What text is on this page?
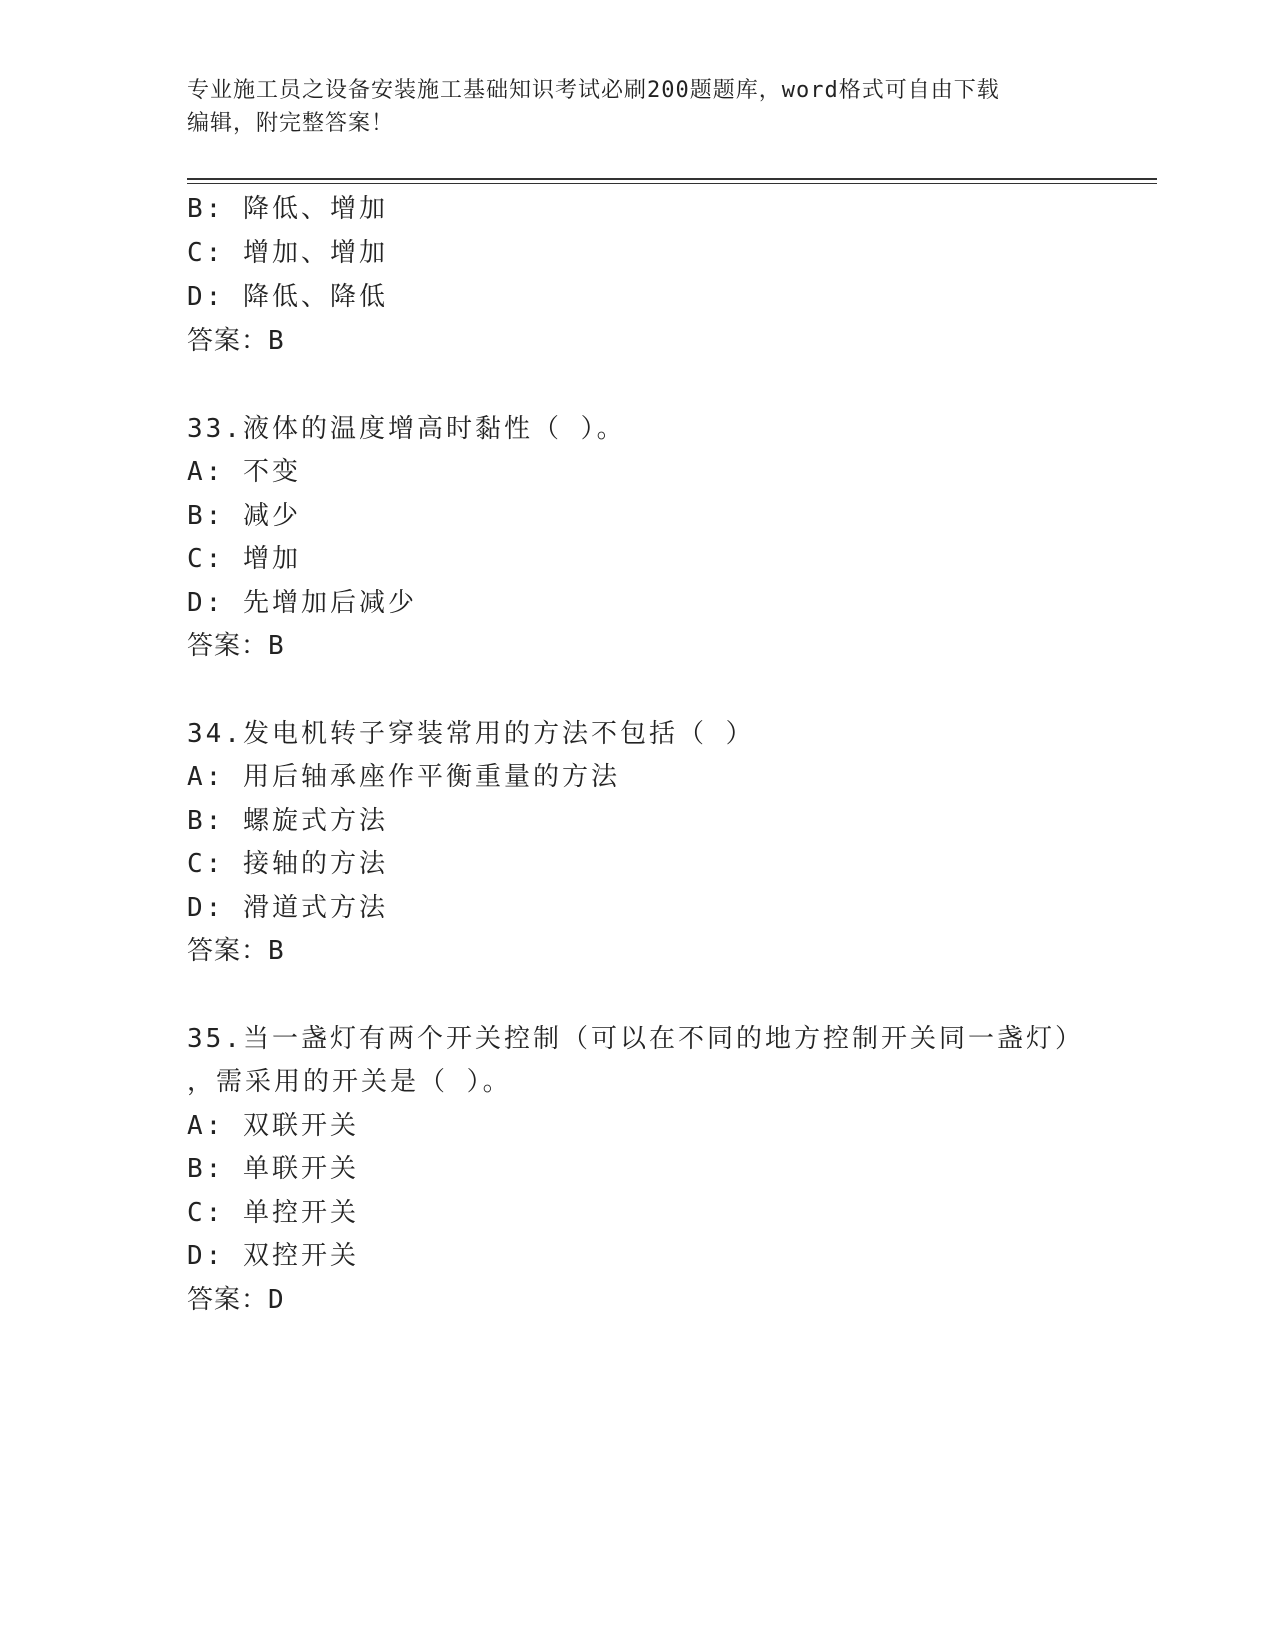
专业施工员之设备安装施工基础知识考试必刷200题题库，word格式可自由下载
编辑，附完整答案！
B: 降低、增加
C: 增加、增加
D: 降低、降低
答案：B
33.液体的温度增高时黏性（ ）。
A: 不变
B: 减少
C: 增加
D: 先增加后减少
答案：B
34.发电机转子穿装常用的方法不包括（ ）
A: 用后轴承座作平衡重量的方法
B: 螺旋式方法
C: 接轴的方法
D: 滑道式方法
答案：B
35.当一盏灯有两个开关控制（可以在不同的地方控制开关同一盏灯）
，需采用的开关是（ ）。
A: 双联开关
B: 单联开关
C: 单控开关
D: 双控开关
答案：D
